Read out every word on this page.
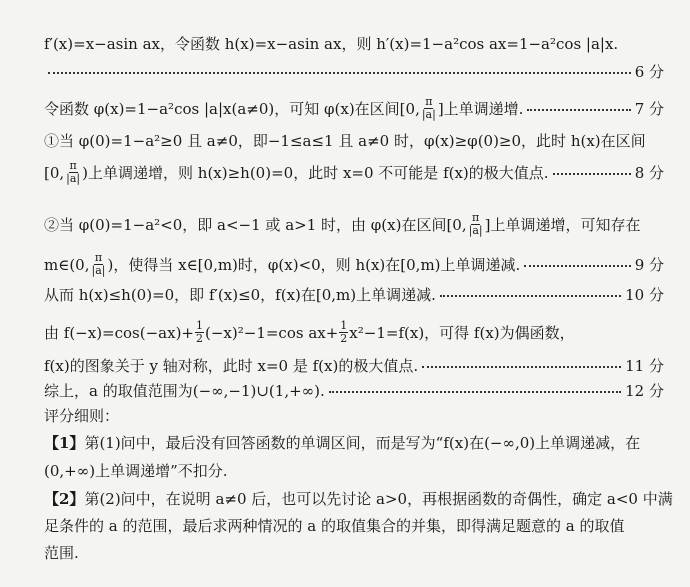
f′(x)=x−asin ax，令函数 h(x)=x−asin ax，则 h′(x)=1−a²cos ax=1−a²cos |a|x.
6 分
令函数 φ(x)=1−a²cos |a|x(a≠0)，可知 φ(x)在区间[0, $\frac{\pi}{|a|}$ ]上单调递增.	7 分
①当 φ(0)=1−a²≥0 且 a≠0，即−1≤a≤1 且 a≠0 时，φ(x)≥φ(0)≥0，此时 h(x)在区间
[0, $\frac{\pi}{|a|}$ )上单调递增，则 h(x)≥h(0)=0，此时 x=0 不可能是 f(x)的极大值点.	8 分
②当 φ(0)=1−a²<0，即 a<−1 或 a>1 时，由 φ(x)在区间[0, $\frac{\pi}{|a|}$ ]上单调递增，可知存在
m∈(0, $\frac{\pi}{|a|}$ )，使得当 x∈[0,m)时，φ(x)<0，则 h(x)在[0,m)上单调递减.	9 分
从而 h(x)≤h(0)=0，即 f′(x)≤0，f(x)在[0,m)上单调递减.	10 分
由 $f(-x)=\cos(-ax)+ \frac{1}{2} (-x)^2-1=\cos$ $ax+ \frac{1}{2} x^2-1=f(x)$，可得 f(x)为偶函数，
f(x)的图象关于 y 轴对称，此时 x=0 是 f(x)的极大值点.	11 分
综上，a 的取值范围为(−∞,−1)∪(1,+∞).	12 分
评分细则：
【1】第(1)问中，最后没有回答函数的单调区间，而是写为“f(x)在(−∞,0)上单调递减，在
(0,+∞)上单调递增”不扣分.
【2】第(2)问中，在说明 a≠0 后，也可以先讨论 a>0，再根据函数的奇偶性，确定 a<0 中满
足条件的 a 的范围，最后求两种情况的 a 的取值集合的并集，即得满足题意的 a 的取值
范围.
